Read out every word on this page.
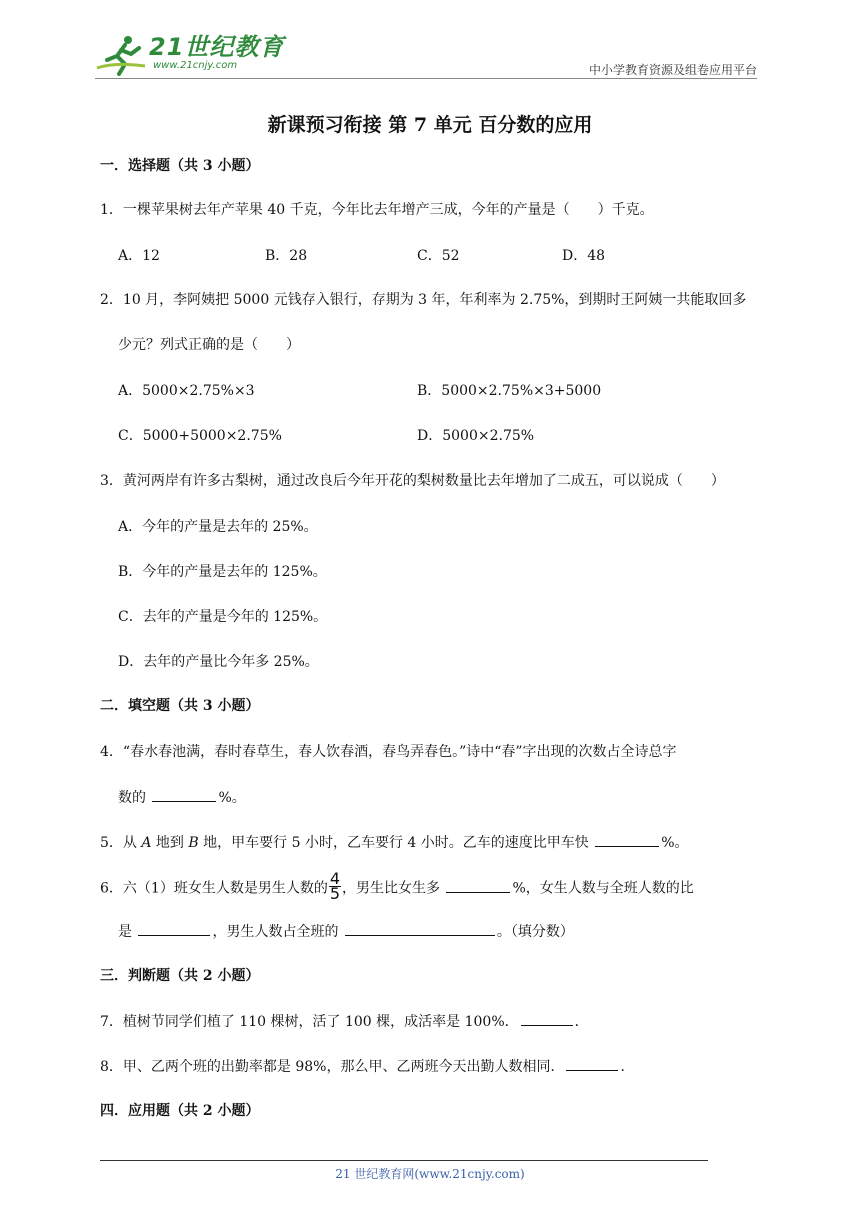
21世纪教育
www.21cnjy.com	中小学教育资源及组卷应用平台
新课预习衔接 第 7 单元 百分数的应用
一．选择题（共 3 小题）
1．一棵苹果树去年产苹果 40 千克，今年比去年增产三成，今年的产量是（　　）千克。
A．12	B．28	C．52	D．48
2．10 月，李阿姨把 5000 元钱存入银行，存期为 3 年，年利率为 2.75%，到期时王阿姨一共能取回多
少元？列式正确的是（　　）
A．5000×2.75%×3	B．5000×2.75%×3+5000
C．5000+5000×2.75%	D．5000×2.75%
3．黄河两岸有许多古梨树，通过改良后今年开花的梨树数量比去年增加了二成五，可以说成（　　）
A．今年的产量是去年的 25%。
B．今年的产量是去年的 125%。
C．去年的产量是今年的 125%。
D．去年的产量比今年多 25%。
二．填空题（共 3 小题）
4．“春水春池满，春时春草生，春人饮春酒，春鸟弄春色。”诗中“春”字出现的次数占全诗总字
数的	%。
5．从 A 地到 B 地，甲车要行 5 小时，乙车要行 4 小时。乙车的速度比甲车快	%。
6．六（1）班女生人数是男生人数的 $\frac{4}{5}$ ，男生比女生多	%，女生人数与全班人数的比
是	，男生人数占全班的	。（填分数）
三．判断题（共 2 小题）
7．植树节同学们植了 110 棵树，活了 100 棵，成活率是 100%．	．
8．甲、乙两个班的出勤率都是 98%，那么甲、乙两班今天出勤人数相同．	．
四．应用题（共 2 小题）
21 世纪教育网(www.21cnjy.com)
